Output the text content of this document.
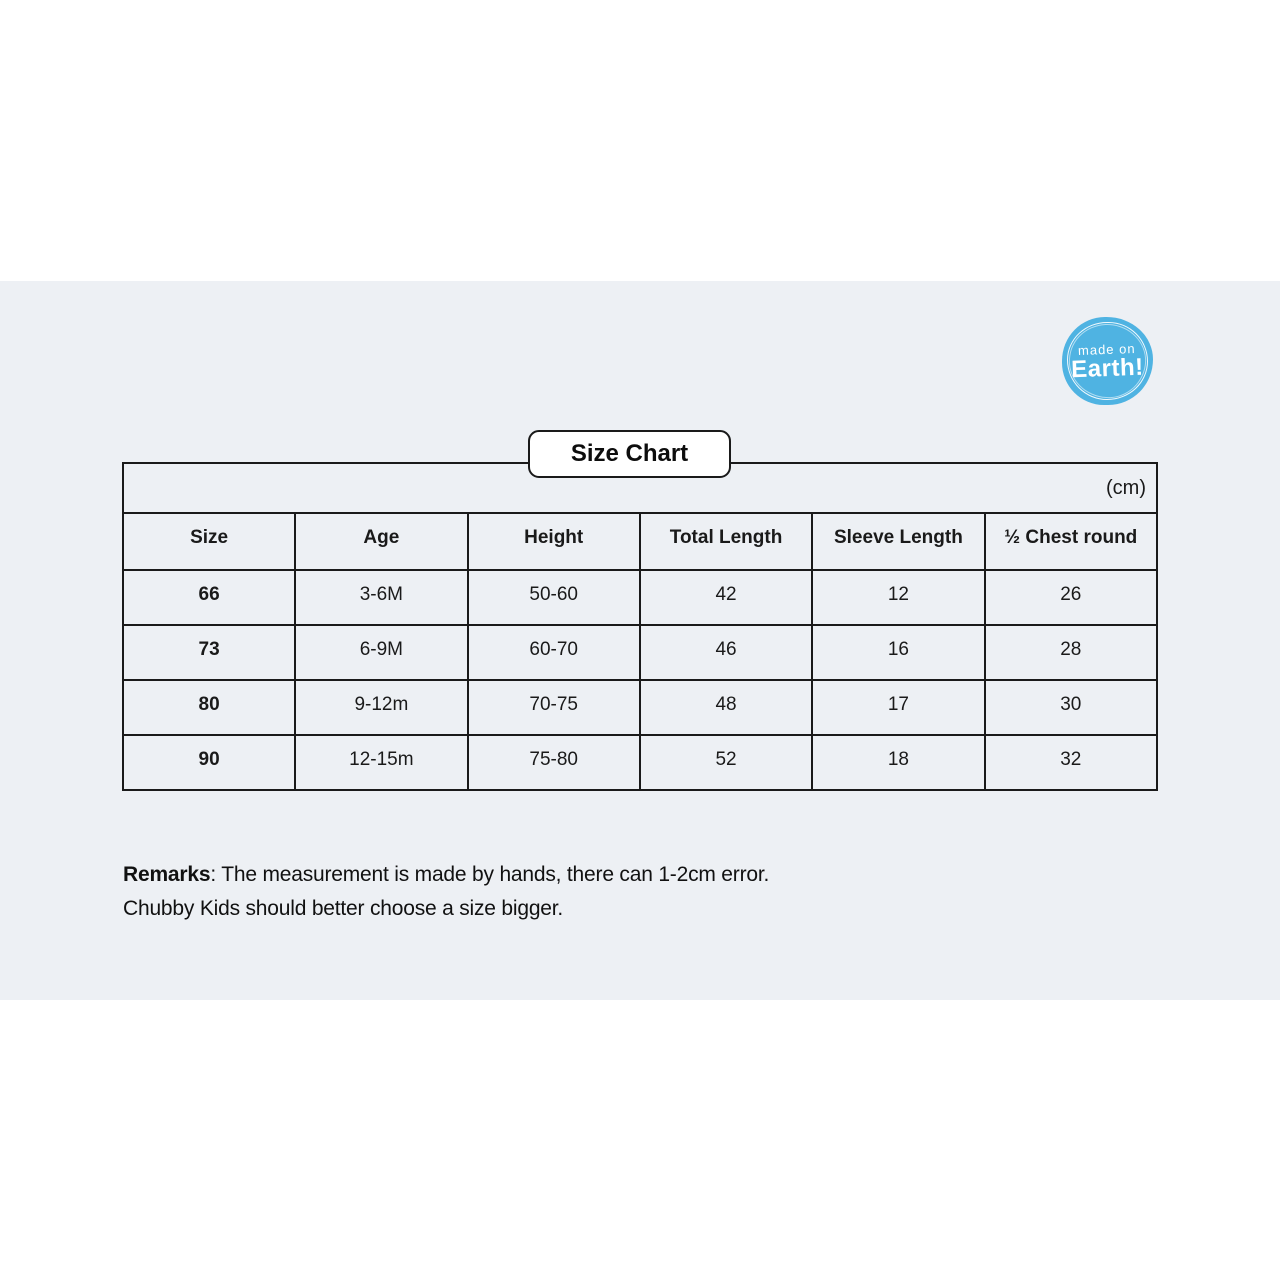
made on
Earth!
Size Chart
(cm)					
Size	Age	Height	Total Length	Sleeve Length	½ Chest round
66	3-6M	50-60	42	12	26
73	6-9M	60-70	46	16	28
80	9-12m	70-75	48	17	30
90	12-15m	75-80	52	18	32
Remarks: The measurement is made by hands, there can 1-2cm error.
Chubby Kids should better choose a size bigger.
